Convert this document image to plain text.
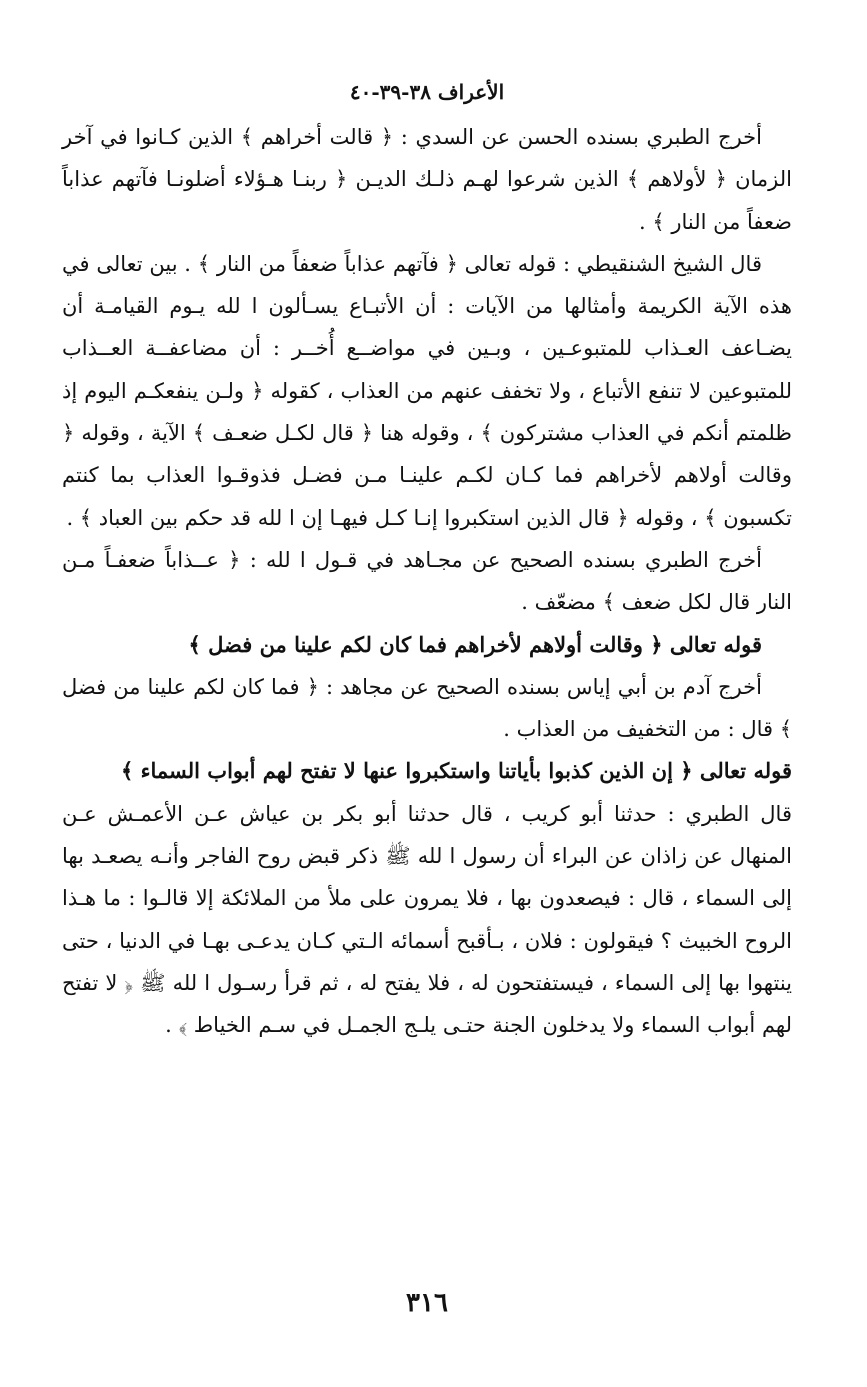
الأعراف ٣٨-٣٩-٤٠

أخرج الطبري بسنده الحسن عن السدي : ﴿ قالت أخراهم ﴾ الذين كـانوا في آخر الزمان ﴿ لأولاهم ﴾ الذين شرعوا لهـم ذلـك الديـن ﴿ ربنـا هـؤلاء أضلونـا فآتهم عذاباً ضعفاً من النار ﴾ .

قال الشيخ الشنقيطي : قوله تعالى ﴿ فآتهم عذاباً ضعفاً من النار ﴾ . بين تعالى في هذه الآية الكريمة وأمثالها من الآيات : أن الأتبـاع يسـألون ا لله يـوم القيامـة أن يضـاعف العـذاب للمتبوعـين ، وبـين في مواضــع أُخــر : أن مضاعفــة العــذاب للمتبوعين لا تنفع الأتباع ، ولا تخفف عنهم من العذاب ، كقوله ﴿ ولـن ينفعكـم اليوم إذ ظلمتم أنكم في العذاب مشتركون ﴾ ، وقوله هنا ﴿ قال لكـل ضعـف ﴾ الآية ، وقوله ﴿ وقالت أولاهم لأخراهم فما كـان لكـم علينـا مـن فضـل فذوقـوا العذاب بما كنتم تكسبون ﴾ ، وقوله ﴿ قال الذين استكبروا إنـا كـل فيهـا إن ا لله قد حكم بين العباد ﴾ .

أخرج الطبري بسنده الصحيح عن مجـاهد في قـول ا لله : ﴿ عــذاباً ضعفـاً مـن النار قال لكل ضعف ﴾ مضعّف .

قوله تعالى ﴿ وقالت أولاهم لأخراهم فما كان لكم علينا من فضل ﴾

أخرج آدم بن أبي إياس بسنده الصحيح عن مجاهد : ﴿ فما كان لكم علينا من فضل ﴾ قال : من التخفيف من العذاب .

قوله تعالى ﴿ إن الذين كذبوا بأياتنا واستكبروا عنها لا تفتح لهم أبواب السماء ﴾

قال الطبري : حدثنا أبو كريب ، قال حدثنا أبو بكر بن عياش عـن الأعمـش عـن المنهال عن زاذان عن البراء أن رسول ا لله ﷺ ذكر قبض روح الفاجر وأنـه يصعـد بها إلى السماء ، قال : فيصعدون بها ، فلا يمرون على ملأ من الملائكة إلا قالـوا : ما هـذا الروح الخبيث ؟ فيقولون : فلان ، بـأقبح أسمائه الـتي كـان يدعـى بهـا في الدنيا ، حتى ينتهوا بها إلى السماء ، فيستفتحون له ، فلا يفتح له ، ثم قرأ رسـول ا لله ﷺ ﴿ لا تفتح لهم أبواب السماء ولا يدخلون الجنة حتـى يلـج الجمـل في سـم الخياط ﴾ .

٣١٦
